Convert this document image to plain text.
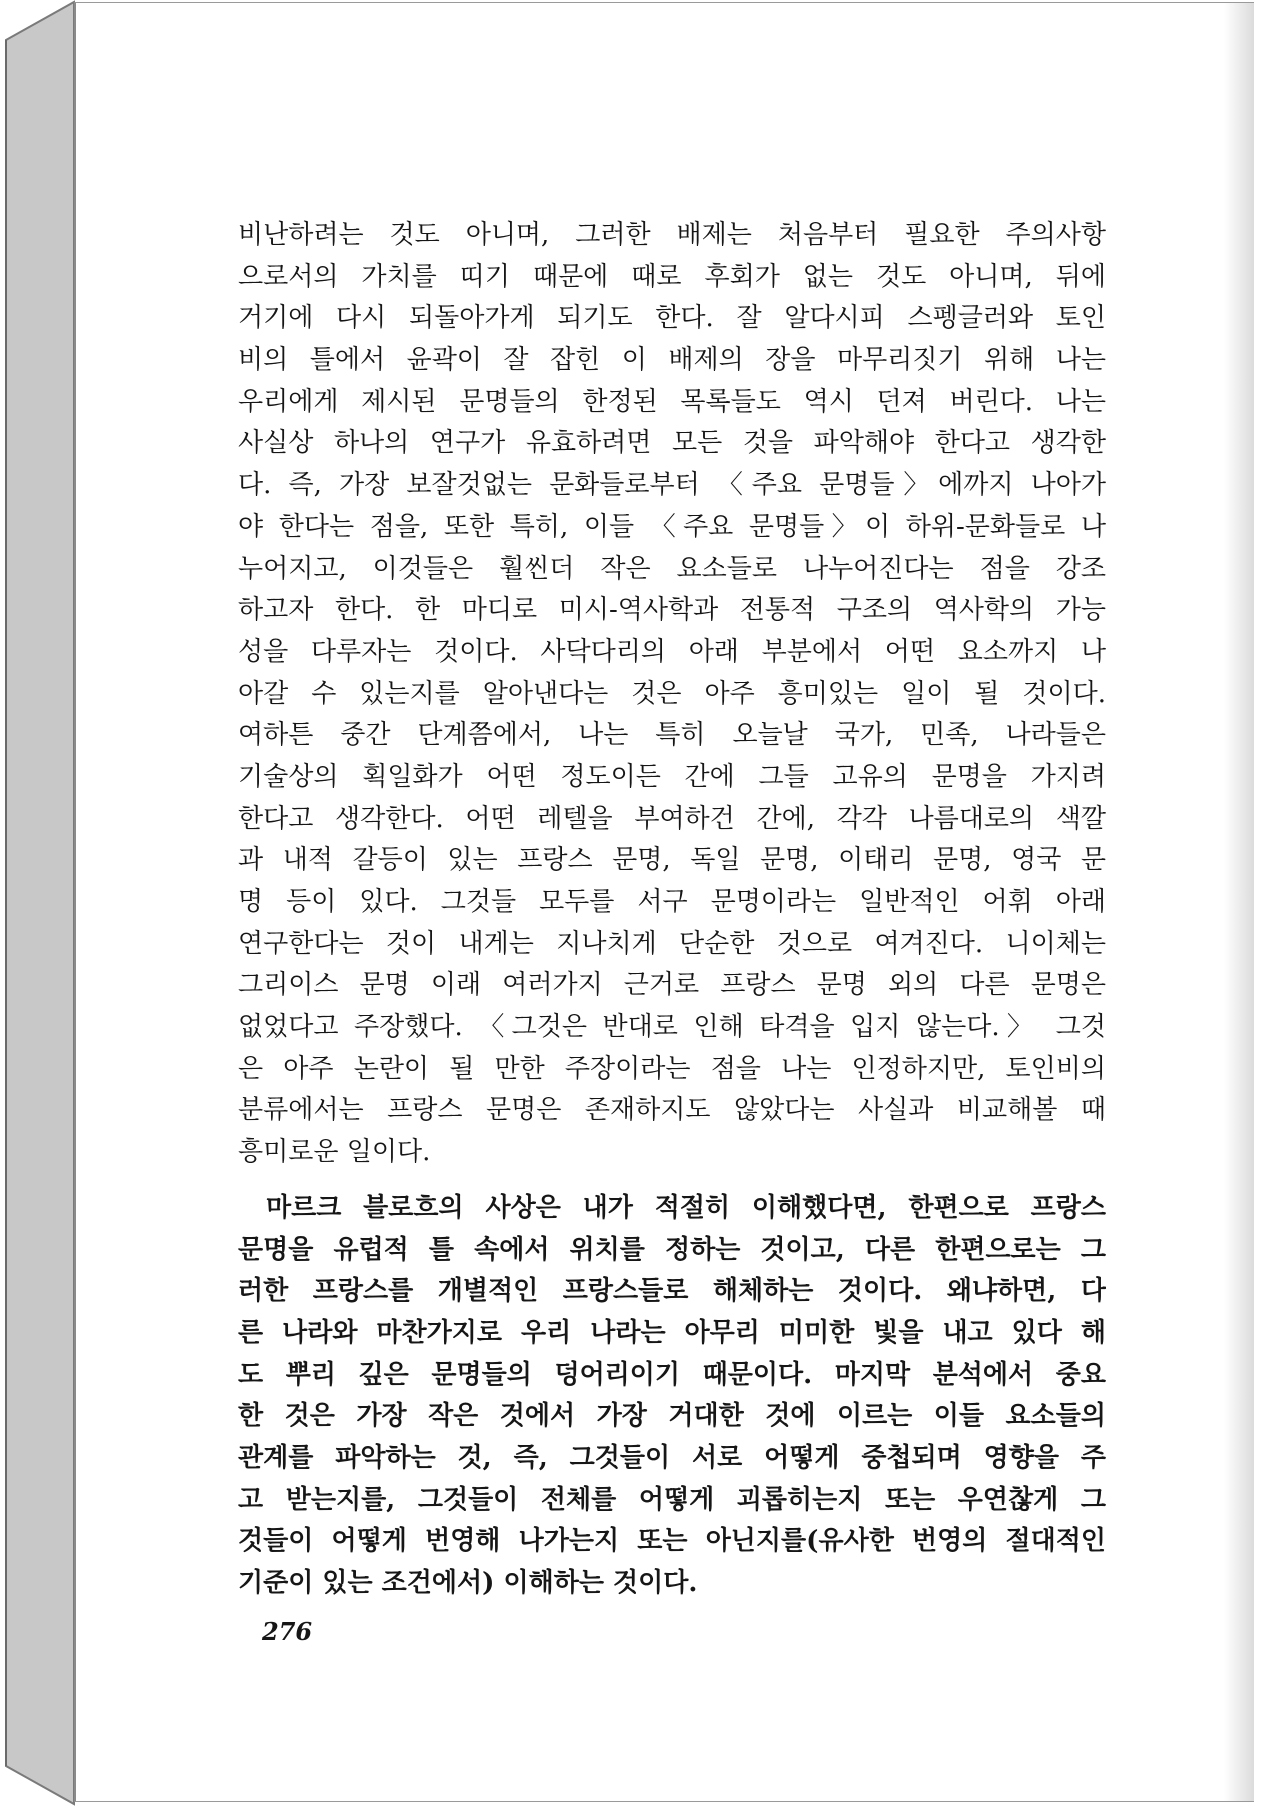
비난하려는 것도 아니며, 그러한 배제는 처음부터 필요한 주의사항
으로서의 가치를 띠기 때문에 때로 후회가 없는 것도 아니며, 뒤에
거기에 다시 되돌아가게 되기도 한다. 잘 알다시피 스펭글러와 토인
비의 틀에서 윤곽이 잘 잡힌 이 배제의 장을 마무리짓기 위해 나는
우리에게 제시된 문명들의 한정된 목록들도 역시 던져 버린다. 나는
사실상 하나의 연구가 유효하려면 모든 것을 파악해야 한다고 생각한
다. 즉, 가장 보잘것없는 문화들로부터 〈주요 문명들〉에까지 나아가
야 한다는 점을, 또한 특히, 이들 〈주요 문명들〉이 하위-문화들로 나
누어지고, 이것들은 훨씬더 작은 요소들로 나누어진다는 점을 강조
하고자 한다. 한 마디로 미시-역사학과 전통적 구조의 역사학의 가능
성을 다루자는 것이다. 사닥다리의 아래 부분에서 어떤 요소까지 나
아갈 수 있는지를 알아낸다는 것은 아주 흥미있는 일이 될 것이다.
여하튼 중간 단계쯤에서, 나는 특히 오늘날 국가, 민족, 나라들은
기술상의 획일화가 어떤 정도이든 간에 그들 고유의 문명을 가지려
한다고 생각한다. 어떤 레텔을 부여하건 간에, 각각 나름대로의 색깔
과 내적 갈등이 있는 프랑스 문명, 독일 문명, 이태리 문명, 영국 문
명 등이 있다. 그것들 모두를 서구 문명이라는 일반적인 어휘 아래
연구한다는 것이 내게는 지나치게 단순한 것으로 여겨진다. 니이체는
그리이스 문명 이래 여러가지 근거로 프랑스 문명 외의 다른 문명은
없었다고 주장했다. 〈그것은 반대로 인해 타격을 입지 않는다.〉 그것
은 아주 논란이 될 만한 주장이라는 점을 나는 인정하지만, 토인비의
분류에서는 프랑스 문명은 존재하지도 않았다는 사실과 비교해볼 때
흥미로운 일이다.
마르크 블로흐의 사상은 내가 적절히 이해했다면, 한편으로 프랑스
문명을 유럽적 틀 속에서 위치를 정하는 것이고, 다른 한편으로는 그
러한 프랑스를 개별적인 프랑스들로 해체하는 것이다. 왜냐하면, 다
른 나라와 마찬가지로 우리 나라는 아무리 미미한 빛을 내고 있다 해
도 뿌리 깊은 문명들의 덩어리이기 때문이다. 마지막 분석에서 중요
한 것은 가장 작은 것에서 가장 거대한 것에 이르는 이들 요소들의
관계를 파악하는 것, 즉, 그것들이 서로 어떻게 중첩되며 영향을 주
고 받는지를, 그것들이 전체를 어떻게 괴롭히는지 또는 우연찮게 그
것들이 어떻게 번영해 나가는지 또는 아닌지를(유사한 번영의 절대적인
기준이 있는 조건에서) 이해하는 것이다.
276
